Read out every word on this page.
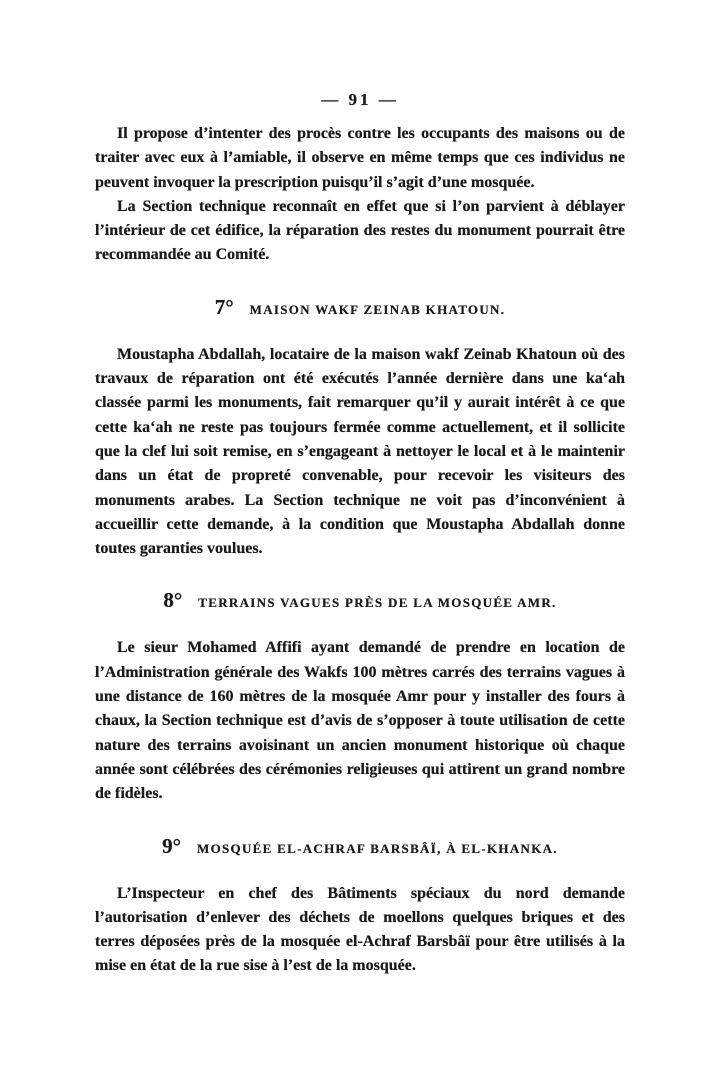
— 91 —

Il propose d’intenter des procès contre les occupants des maisons ou de traiter avec eux à l’amiable, il observe en même temps que ces individus ne peuvent invoquer la prescription puisqu’il s’agit d’une mosquée.

La Section technique reconnaît en effet que si l’on parvient à déblayer l’intérieur de cet édifice, la réparation des restes du monument pourrait être recommandée au Comité.

7° MAISON WAKF ZEINAB KHATOUN.

Moustapha Abdallah, locataire de la maison wakf Zeinab Khatoun où des travaux de réparation ont été exécutés l’année dernière dans une ka‘ah classée parmi les monuments, fait remarquer qu’il y aurait intérêt à ce que cette ka‘ah ne reste pas toujours fermée comme actuellement, et il sollicite que la clef lui soit remise, en s’engageant à nettoyer le local et à le maintenir dans un état de propreté convenable, pour recevoir les visiteurs des monuments arabes. La Section technique ne voit pas d’inconvénient à accueillir cette demande, à la condition que Moustapha Abdallah donne toutes garanties voulues.

8° TERRAINS VAGUES PRÈS DE LA MOSQUÉE AMR.

Le sieur Mohamed Affifi ayant demandé de prendre en location de l’Administration générale des Wakfs 100 mètres carrés des terrains vagues à une distance de 160 mètres de la mosquée Amr pour y installer des fours à chaux, la Section technique est d’avis de s’opposer à toute utilisation de cette nature des terrains avoisinant un ancien monument historique où chaque année sont célébrées des cérémonies religieuses qui attirent un grand nombre de fidèles.

9° MOSQUÉE EL-ACHRAF BARSBÂÏ, À EL-KHANKA.

L’Inspecteur en chef des Bâtiments spéciaux du nord demande l’autorisation d’enlever des déchets de moellons quelques briques et des terres déposées près de la mosquée el-Achraf Barsbâï pour être utilisés à la mise en état de la rue sise à l’est de la mosquée.
